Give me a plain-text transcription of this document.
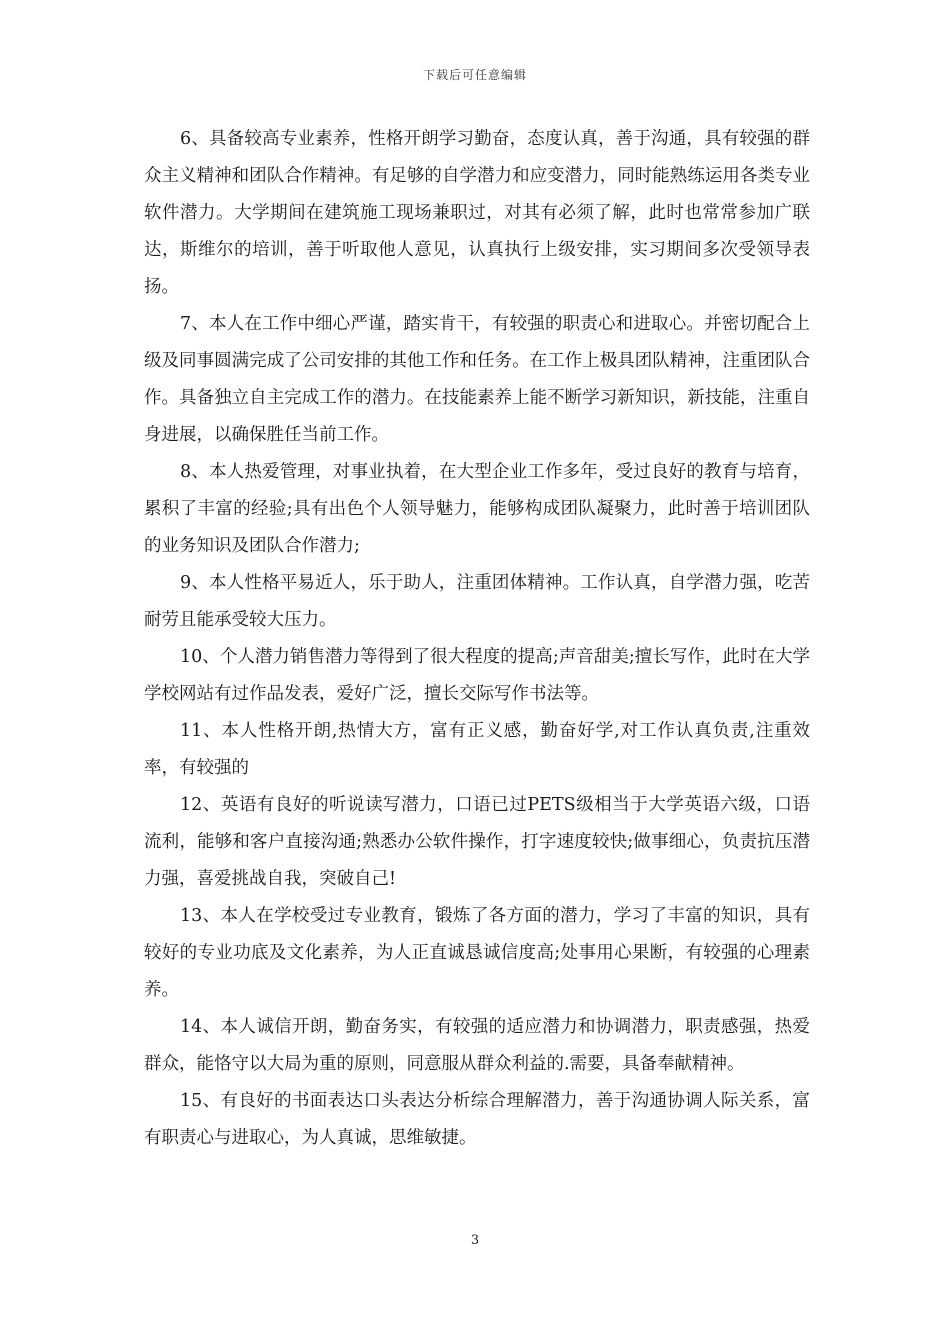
下载后可任意编辑

6、具备较高专业素养，性格开朗学习勤奋，态度认真，善于沟通，具有较强的群众主义精神和团队合作精神。有足够的自学潜力和应变潜力，同时能熟练运用各类专业软件潜力。大学期间在建筑施工现场兼职过，对其有必须了解，此时也常常参加广联达，斯维尔的培训，善于听取他人意见，认真执行上级安排，实习期间多次受领导表扬。

7、本人在工作中细心严谨，踏实肯干，有较强的职责心和进取心。并密切配合上级及同事圆满完成了公司安排的其他工作和任务。在工作上极具团队精神，注重团队合作。具备独立自主完成工作的潜力。在技能素养上能不断学习新知识，新技能，注重自身进展，以确保胜任当前工作。

8、本人热爱管理，对事业执着，在大型企业工作多年，受过良好的教育与培育，累积了丰富的经验;具有出色个人领导魅力，能够构成团队凝聚力，此时善于培训团队的业务知识及团队合作潜力;

9、本人性格平易近人，乐于助人，注重团体精神。工作认真，自学潜力强，吃苦耐劳且能承受较大压力。

10、个人潜力销售潜力等得到了很大程度的提高;声音甜美;擅长写作，此时在大学学校网站有过作品发表，爱好广泛，擅长交际写作书法等。

11、本人性格开朗,热情大方，富有正义感，勤奋好学,对工作认真负责,注重效率，有较强的

12、英语有良好的听说读写潜力，口语已过PETS级相当于大学英语六级，口语流利，能够和客户直接沟通;熟悉办公软件操作，打字速度较快;做事细心，负责抗压潜力强，喜爱挑战自我，突破自己!

13、本人在学校受过专业教育，锻炼了各方面的潜力，学习了丰富的知识，具有较好的专业功底及文化素养，为人正直诚恳诚信度高;处事用心果断，有较强的心理素养。

14、本人诚信开朗，勤奋务实，有较强的适应潜力和协调潜力，职责感强，热爱群众，能恪守以大局为重的原则，同意服从群众利益的.需要，具备奉献精神。

15、有良好的书面表达口头表达分析综合理解潜力，善于沟通协调人际关系，富有职责心与进取心，为人真诚，思维敏捷。

3
